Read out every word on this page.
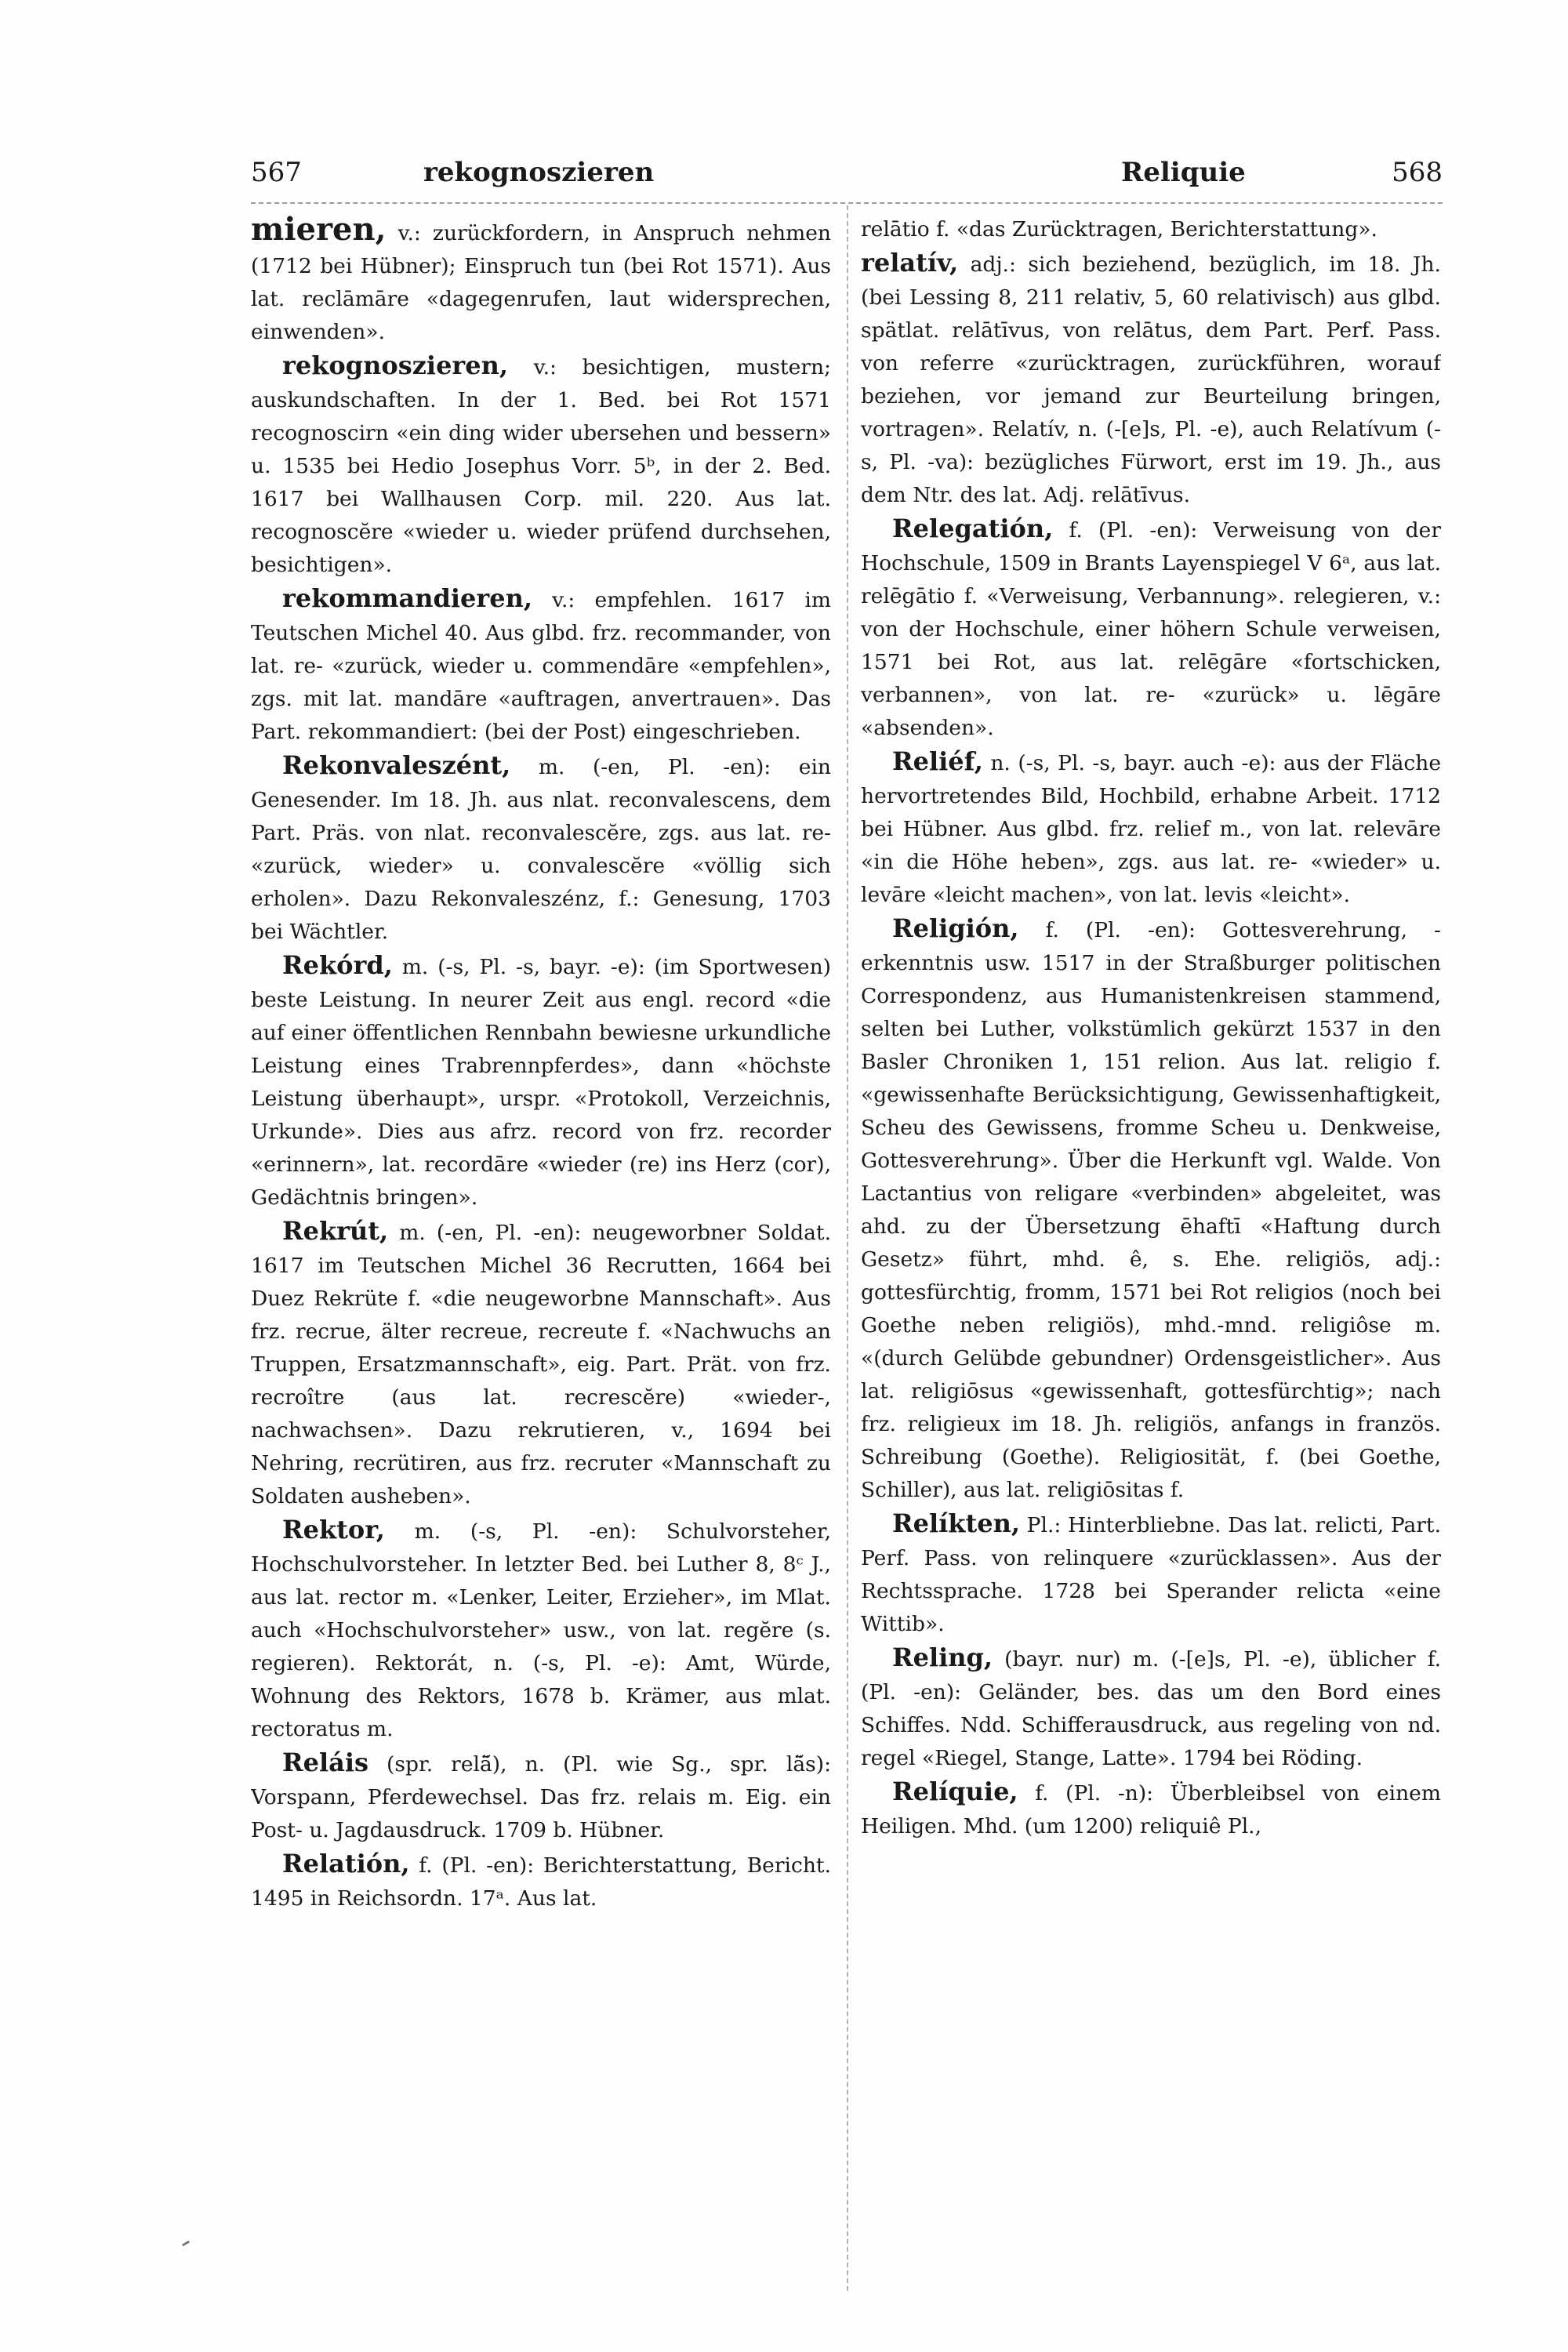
567	rekognoszieren	Reliquie	568

mieren, v.: zurückfordern, in Anspruch nehmen (1712 bei Hübner); Einspruch tun (bei Rot 1571). Aus lat. reclāmāre «dagegenrufen, laut widersprechen, einwenden».

rekognoszieren, v.: besichtigen, mustern; auskundschaften. In der 1. Bed. bei Rot 1571 recognoscirn «ein ding wider ubersehen und bessern» u. 1535 bei Hedio Josephus Vorr. 5ᵇ, in der 2. Bed. 1617 bei Wallhausen Corp. mil. 220. Aus lat. recognoscĕre «wieder u. wieder prüfend durchsehen, besichtigen».

rekommandieren, v.: empfehlen. 1617 im Teutschen Michel 40. Aus glbd. frz. recommander, von lat. re- «zurück, wieder u. commendāre «empfehlen», zgs. mit lat. mandāre «auftragen, anvertrauen». Das Part. rekommandiert: (bei der Post) eingeschrieben.

Rekonvaleszént, m. (-en, Pl. -en): ein Genesender. Im 18. Jh. aus nlat. reconvalescens, dem Part. Präs. von nlat. reconvalescĕre, zgs. aus lat. re- «zurück, wieder» u. convalescĕre «völlig sich erholen». Dazu Rekonvaleszénz, f.: Genesung, 1703 bei Wächtler.

Rekórd, m. (-s, Pl. -s, bayr. -e): (im Sportwesen) beste Leistung. In neurer Zeit aus engl. record «die auf einer öffentlichen Rennbahn bewiesne urkundliche Leistung eines Trabrennpferdes», dann «höchste Leistung überhaupt», urspr. «Protokoll, Verzeichnis, Urkunde». Dies aus afrz. record von frz. recorder «erinnern», lat. recordāre «wieder (re) ins Herz (cor), Gedächtnis bringen».

Rekrút, m. (-en, Pl. -en): neugeworbner Soldat. 1617 im Teutschen Michel 36 Recrutten, 1664 bei Duez Rekrüte f. «die neugeworbne Mannschaft». Aus frz. recrue, älter recreue, recreute f. «Nachwuchs an Truppen, Ersatzmannschaft», eig. Part. Prät. von frz. recroître (aus lat. recrescĕre) «wieder-, nachwachsen». Dazu rekrutieren, v., 1694 bei Nehring, recrütiren, aus frz. recruter «Mannschaft zu Soldaten ausheben».

Rektor, m. (-s, Pl. -en): Schulvorsteher, Hochschulvorsteher. In letzter Bed. bei Luther 8, 8ᶜ J., aus lat. rector m. «Lenker, Leiter, Erzieher», im Mlat. auch «Hochschulvorsteher» usw., von lat. regĕre (s. regieren). Rektorát, n. (-s, Pl. -e): Amt, Würde, Wohnung des Rektors, 1678 b. Krämer, aus mlat. rectoratus m.

Reláis (spr. relä̆), n. (Pl. wie Sg., spr. lä̆s): Vorspann, Pferdewechsel. Das frz. relais m. Eig. ein Post- u. Jagdausdruck. 1709 b. Hübner.

Relatión, f. (Pl. -en): Berichterstattung, Bericht. 1495 in Reichsordn. 17ᵃ. Aus lat.

relātio f. «das Zurücktragen, Berichterstattung».

relatív, adj.: sich beziehend, bezüglich, im 18. Jh. (bei Lessing 8, 211 relativ, 5, 60 relativisch) aus glbd. spätlat. relātīvus, von relātus, dem Part. Perf. Pass. von referre «zurücktragen, zurückführen, worauf beziehen, vor jemand zur Beurteilung bringen, vortragen». Relatív, n. (-[e]s, Pl. -e), auch Relatívum (-s, Pl. -va): bezügliches Fürwort, erst im 19. Jh., aus dem Ntr. des lat. Adj. relātīvus.

Relegatión, f. (Pl. -en): Verweisung von der Hochschule, 1509 in Brants Layenspiegel V 6ᵃ, aus lat. relēgātio f. «Verweisung, Verbannung». relegieren, v.: von der Hochschule, einer höhern Schule verweisen, 1571 bei Rot, aus lat. relēgāre «fortschicken, verbannen», von lat. re- «zurück» u. lēgāre «absenden».

Reliéf, n. (-s, Pl. -s, bayr. auch -e): aus der Fläche hervortretendes Bild, Hochbild, erhabne Arbeit. 1712 bei Hübner. Aus glbd. frz. relief m., von lat. relevāre «in die Höhe heben», zgs. aus lat. re- «wieder» u. levāre «leicht machen», von lat. levis «leicht».

Religión, f. (Pl. -en): Gottesverehrung, -erkenntnis usw. 1517 in der Straßburger politischen Correspondenz, aus Humanistenkreisen stammend, selten bei Luther, volkstümlich gekürzt 1537 in den Basler Chroniken 1, 151 relion. Aus lat. religio f. «gewissenhafte Berücksichtigung, Gewissenhaftigkeit, Scheu des Gewissens, fromme Scheu u. Denkweise, Gottesverehrung». Über die Herkunft vgl. Walde. Von Lactantius von religare «verbinden» abgeleitet, was ahd. zu der Übersetzung ēhaftī «Haftung durch Gesetz» führt, mhd. ê, s. Ehe. religiös, adj.: gottesfürchtig, fromm, 1571 bei Rot religios (noch bei Goethe neben religiös), mhd.-mnd. religiôse m. «(durch Gelübde gebundner) Ordensgeistlicher». Aus lat. religiōsus «gewissenhaft, gottesfürchtig»; nach frz. religieux im 18. Jh. religiös, anfangs in französ. Schreibung (Goethe). Religiosität, f. (bei Goethe, Schiller), aus lat. religiōsitas f.

Relíkten, Pl.: Hinterbliebne. Das lat. relicti, Part. Perf. Pass. von relinquere «zurücklassen». Aus der Rechtssprache. 1728 bei Sperander relicta «eine Wittib».

Reling, (bayr. nur) m. (-[e]s, Pl. -e), üblicher f. (Pl. -en): Geländer, bes. das um den Bord eines Schiffes. Ndd. Schifferausdruck, aus regeling von nd. regel «Riegel, Stange, Latte». 1794 bei Röding.

Relíquie, f. (Pl. -n): Überbleibsel von einem Heiligen. Mhd. (um 1200) reliquiê Pl.,
